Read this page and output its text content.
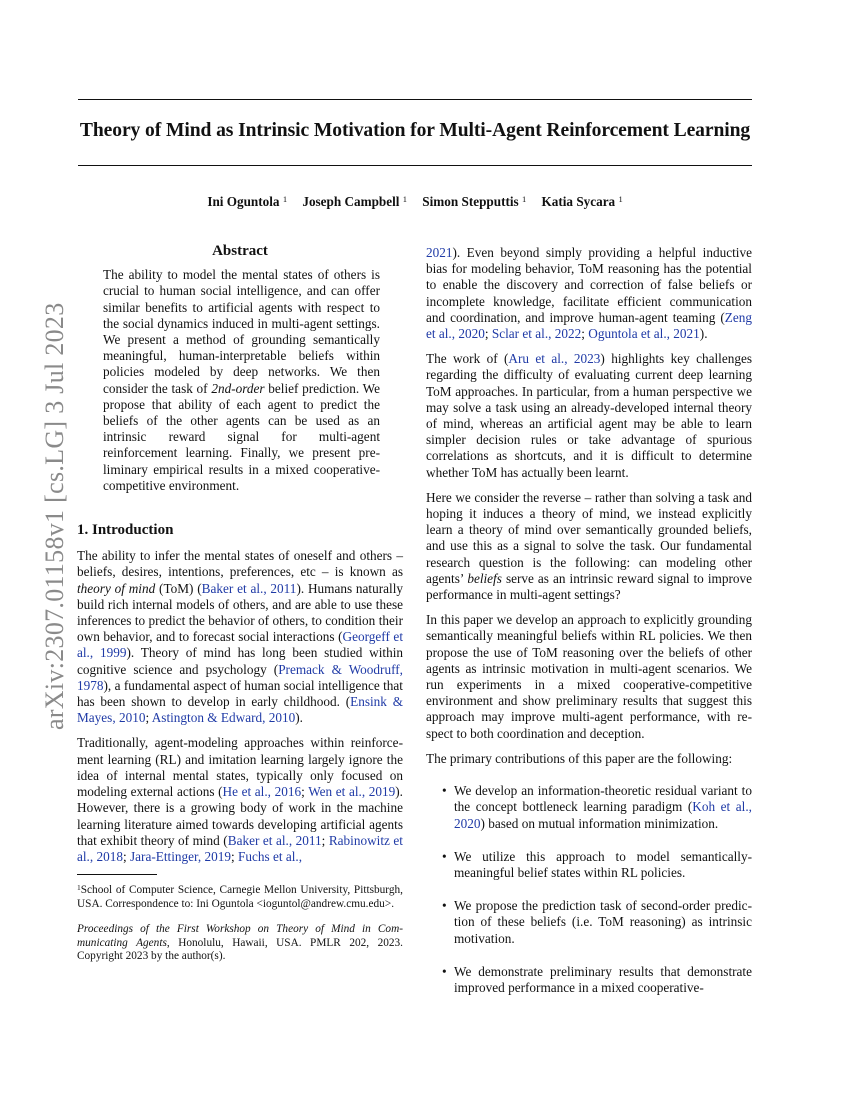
Theory of Mind as Intrinsic Motivation for Multi-Agent Reinforcement Learning
Ini Oguntola $^1$ Joseph Campbell $^1$ Simon Stepputtis $^1$ Katia Sycara $^1$
arXiv:2307.01158v1 [cs.LG] 3 Jul 2023
Abstract

The ability to model the mental states of others is crucial to human social intelligence, and can offer similar benefits to artificial agents with respect to the social dynamics induced in multi-agent settings. We present a method of grounding semantically meaningful, human-interpretable beliefs within policies modeled by deep networks. We then consider the task of 2nd-order belief prediction. We propose that ability of each agent to predict the beliefs of the other agents can be used as an intrinsic reward signal for multi-agent reinforcement learning. Finally, we present preliminary empirical results in a mixed cooperative-competitive environment.

1. Introduction

The ability to infer the mental states of oneself and others – beliefs, desires, intentions, preferences, etc – is known as theory of mind (ToM) (Baker et al., 2011). Humans naturally build rich internal models of others, and are able to use these inferences to predict the behavior of others, to condition their own behavior, and to forecast social interactions (Georgeff et al., 1999). Theory of mind has long been studied within cognitive science and psychology (Premack & Woodruff, 1978), a fundamental aspect of human social intelligence that has been shown to develop in early childhood. (Ensink & Mayes, 2010; Astington & Edward, 2010).

Traditionally, agent-modeling approaches within reinforcement learning (RL) and imitation learning largely ignore the idea of internal mental states, typically only focused on modeling external actions (He et al., 2016; Wen et al., 2019). However, there is a growing body of work in the machine learning literature aimed towards developing artificial agents that exhibit theory of mind (Baker et al., 2011; Rabinowitz et al., 2018; Jara-Ettinger, 2019; Fuchs et al.,

$^1$School of Computer Science, Carnegie Mellon University, Pittsburgh, USA. Correspondence to: Ini Oguntola <ioguntol@andrew.cmu.edu>.

Proceedings of the First Workshop on Theory of Mind in Communicating Agents, Honolulu, Hawaii, USA. PMLR 202, 2023. Copyright 2023 by the author(s).

2021). Even beyond simply providing a helpful inductive bias for modeling behavior, ToM reasoning has the potential to enable the discovery and correction of false beliefs or incomplete knowledge, facilitate efficient communication and coordination, and improve human-agent teaming (Zeng et al., 2020; Sclar et al., 2022; Oguntola et al., 2021).

The work of (Aru et al., 2023) highlights key challenges regarding the difficulty of evaluating current deep learning ToM approaches. In particular, from a human perspective we may solve a task using an already-developed internal theory of mind, whereas an artificial agent may be able to learn simpler decision rules or take advantage of spurious correlations as shortcuts, and it is difficult to determine whether ToM has actually been learnt.

Here we consider the reverse – rather than solving a task and hoping it induces a theory of mind, we instead explicitly learn a theory of mind over semantically grounded beliefs, and use this as a signal to solve the task. Our fundamental research question is the following: can modeling other agents’ beliefs serve as an intrinsic reward signal to improve performance in multi-agent settings?

In this paper we develop an approach to explicitly grounding semantically meaningful beliefs within RL policies. We then propose the use of ToM reasoning over the beliefs of other agents as intrinsic motivation in multi-agent scenarios. We run experiments in a mixed cooperative-competitive environment and show preliminary results that suggest this approach may improve multi-agent performance, with respect to both coordination and deception.

The primary contributions of this paper are the following:

• We develop an information-theoretic residual variant to the concept bottleneck learning paradigm (Koh et al., 2020) based on mutual information minimization.
• We utilize this approach to model semantically-meaningful belief states within RL policies.
• We propose the prediction task of second-order prediction of these beliefs (i.e. ToM reasoning) as intrinsic motivation.
• We demonstrate preliminary results that demonstrate improved performance in a mixed cooperative-
